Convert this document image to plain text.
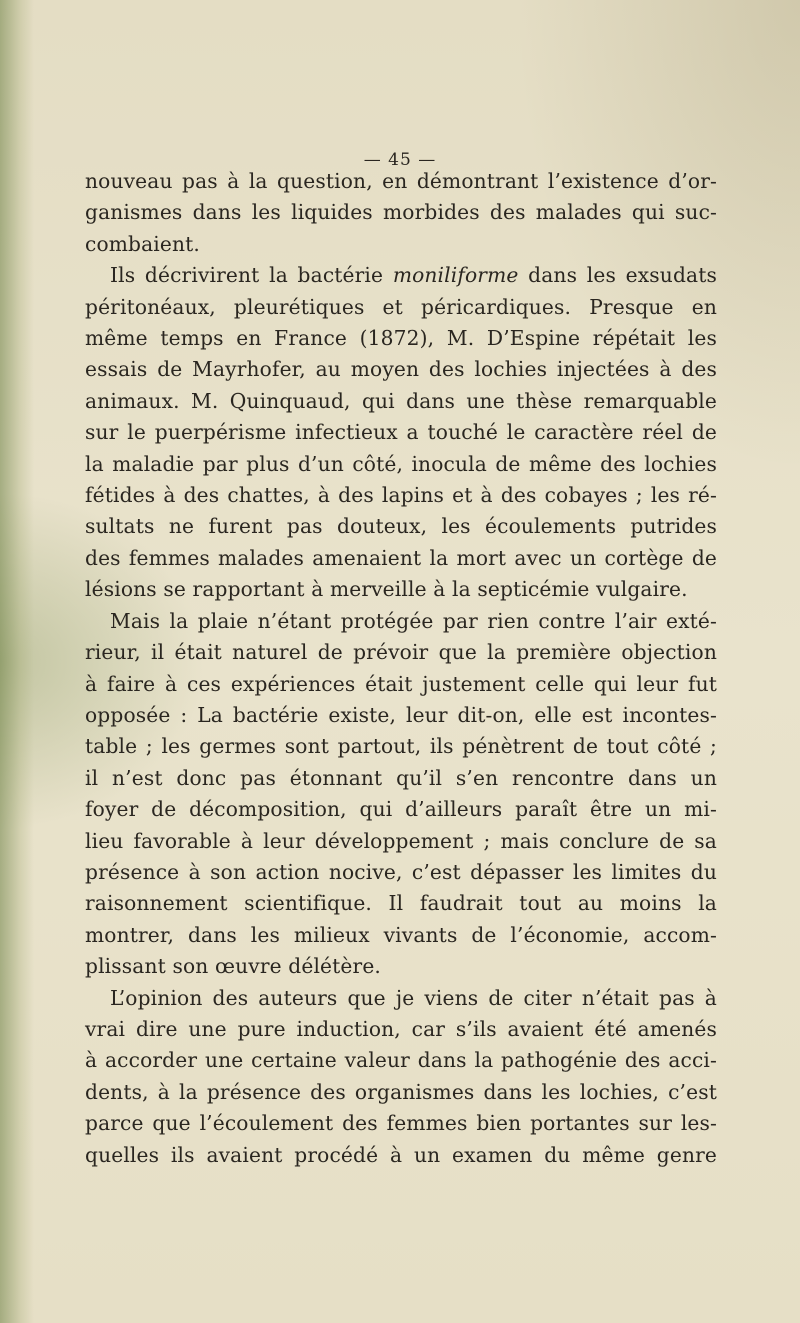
— 45 —

nouveau pas à la question, en démontrant l’existence d’or-
ganismes dans les liquides morbides des malades qui suc-
combaient.

Ils décrivirent la bactérie moniliforme dans les exsudats
péritonéaux, pleurétiques et péricardiques. Presque en
même temps en France (1872), M. D’Espine répétait les
essais de Mayrhofer, au moyen des lochies injectées à des
animaux. M. Quinquaud, qui dans une thèse remarquable
sur le puerpérisme infectieux a touché le caractère réel de
la maladie par plus d’un côté, inocula de même des lochies
fétides à des chattes, à des lapins et à des cobayes ; les ré-
sultats ne furent pas douteux, les écoulements putrides
des femmes malades amenaient la mort avec un cortège de
lésions se rapportant à merveille à la septicémie vulgaire.

Mais la plaie n’étant protégée par rien contre l’air exté-
rieur, il était naturel de prévoir que la première objection
à faire à ces expériences était justement celle qui leur fut
opposée : La bactérie existe, leur dit-on, elle est incontes-
table ; les germes sont partout, ils pénètrent de tout côté ;
il n’est donc pas étonnant qu’il s’en rencontre dans un
foyer de décomposition, qui d’ailleurs paraît être un mi-
lieu favorable à leur développement ; mais conclure de sa
présence à son action nocive, c’est dépasser les limites du
raisonnement scientifique. Il faudrait tout au moins la
montrer, dans les milieux vivants de l’économie, accom-
plissant son œuvre délétère.

L’opinion des auteurs que je viens de citer n’était pas à
vrai dire une pure induction, car s’ils avaient été amenés
à accorder une certaine valeur dans la pathogénie des acci-
dents, à la présence des organismes dans les lochies, c’est
parce que l’écoulement des femmes bien portantes sur les-
quelles ils avaient procédé à un examen du même genre
